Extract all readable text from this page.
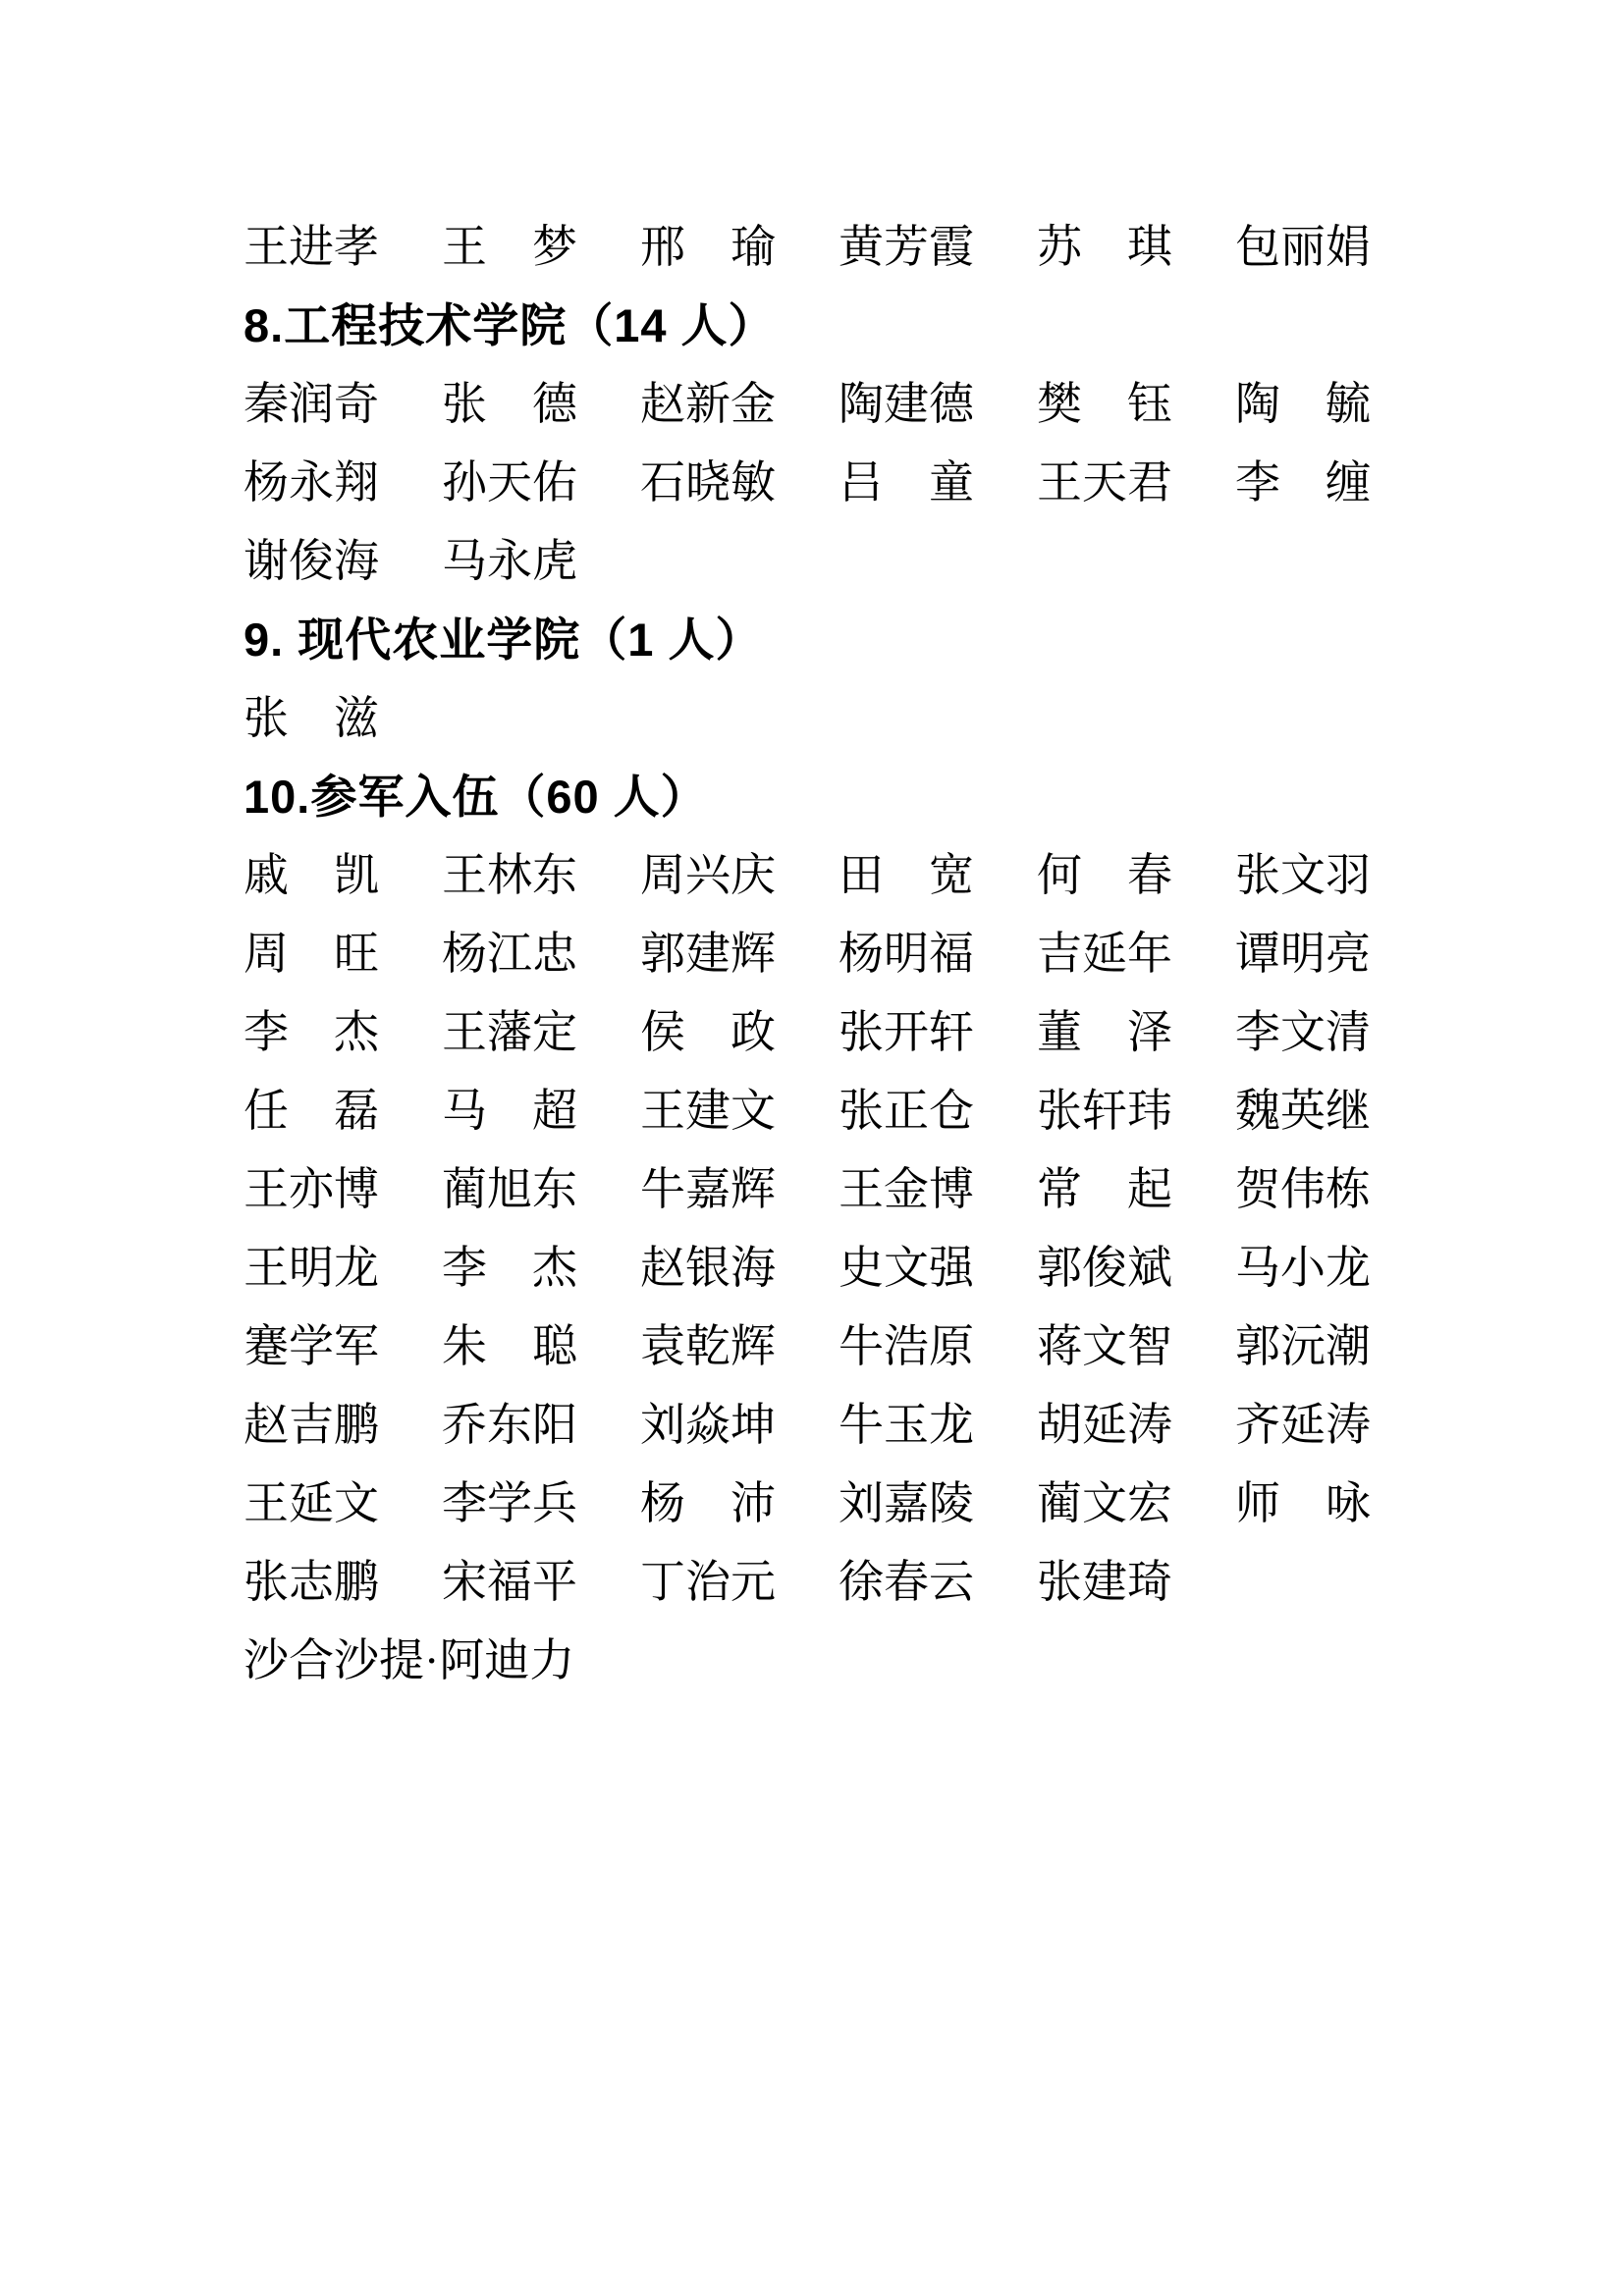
王进孝	王　梦	邢　瑜	黄芳霞	苏　琪	包丽娟
8.工程技术学院（14 人）
秦润奇	张　德	赵新金	陶建德	樊　钰	陶　毓
杨永翔	孙天佑	石晓敏	吕　童	王天君	李　缠
谢俊海	马永虎
9. 现代农业学院（1 人）
张　滋
10.参军入伍（60 人）
戚　凯	王林东	周兴庆	田　宽	何　春	张文羽
周　旺	杨江忠	郭建辉	杨明福	吉延年	谭明亮
李　杰	王藩定	侯　政	张开轩	董　泽	李文清
任　磊	马　超	王建文	张正仓	张轩玮	魏英继
王亦博	蔺旭东	牛嘉辉	王金博	常　起	贺伟栋
王明龙	李　杰	赵银海	史文强	郭俊斌	马小龙
蹇学军	朱　聪	袁乾辉	牛浩原	蒋文智	郭沅潮
赵吉鹏	乔东阳	刘焱坤	牛玉龙	胡延涛	齐延涛
王延文	李学兵	杨　沛	刘嘉陵	蔺文宏	师　咏
张志鹏	宋福平	丁治元	徐春云	张建琦
沙合沙提·阿迪力
